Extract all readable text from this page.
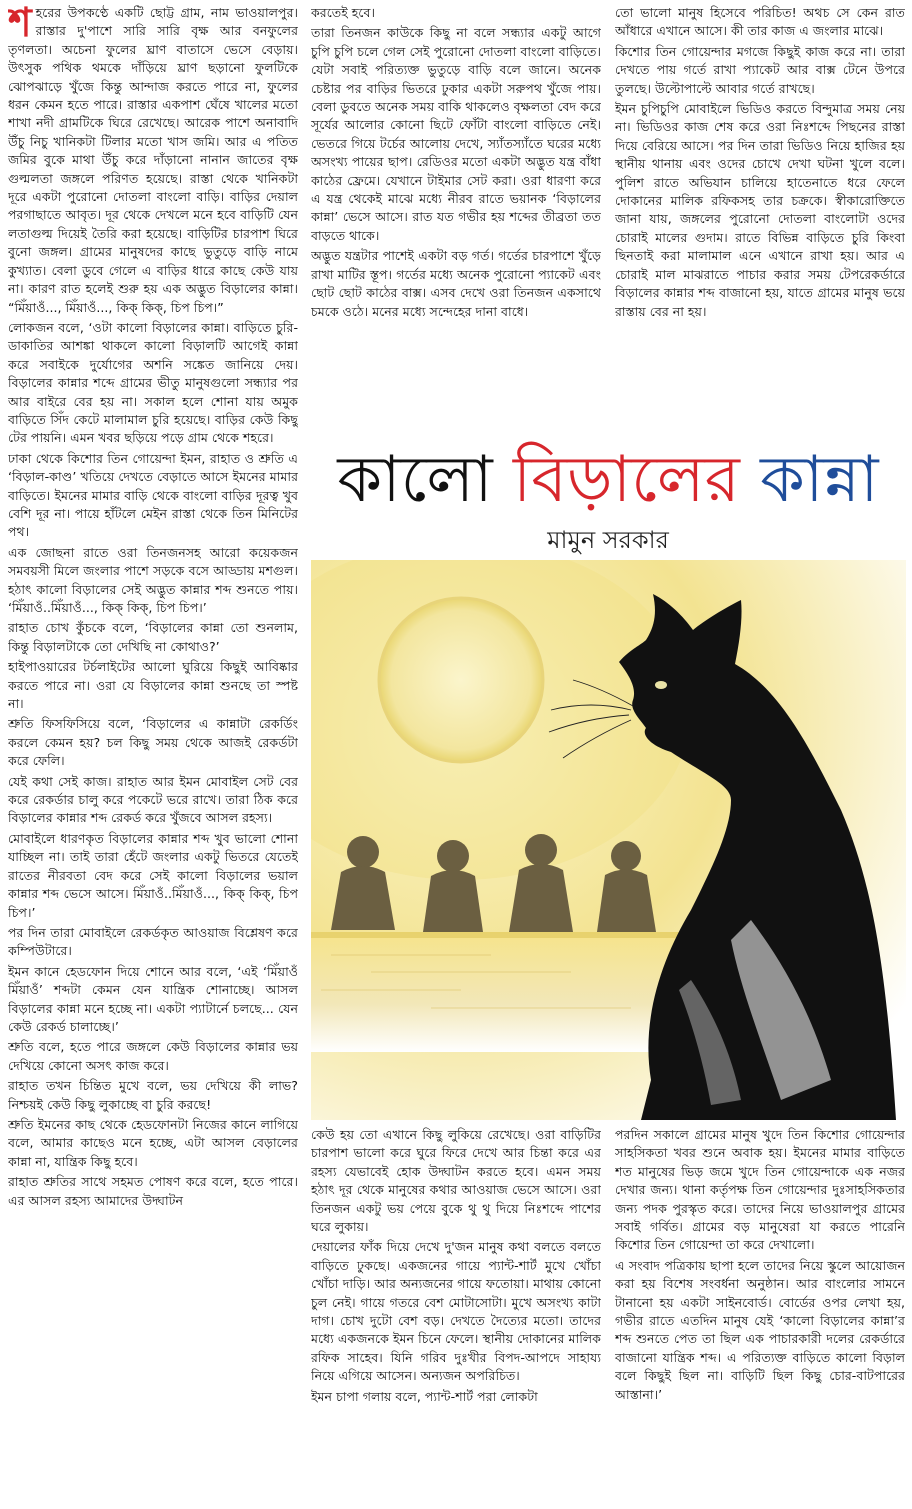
শ হরের উপকণ্ঠে একটি ছোট্ট গ্রাম, নাম ভাওয়ালপুর। রাস্তার দু'পাশে সারি সারি বৃক্ষ আর বনফুলের তৃণলতা। অচেনা ফুলের ঘ্রাণ বাতাসে ভেসে বেড়ায়। উৎসুক পথিক থমকে দাঁড়িয়ে ঘ্রাণ ছড়ানো ফুলটিকে ঝোপঝাড়ে খুঁজে কিন্তু আন্দাজ করতে পারে না, ফুলের ধরন কেমন হতে পারে। রাস্তার একপাশ ঘেঁষে খালের মতো শাখা নদী গ্রামটিকে ঘিরে রেখেছে। আরেক পাশে অনাবাদি উঁচু নিচু খানিকটা টিলার মতো খাস জমি। আর এ পতিত জমির বুকে মাথা উঁচু করে দাঁড়ানো নানান জাতের বৃক্ষ গুল্মলতা জঙ্গলে পরিণত হয়েছে। রাস্তা থেকে খানিকটা দূরে একটা পুরোনো দোতলা বাংলো বাড়ি। বাড়ির দেয়াল পরগাছাতে আবৃত। দূর থেকে দেখলে মনে হবে বাড়িটি যেন লতাগুল্ম দিয়েই তৈরি করা হয়েছে। বাড়িটির চারপাশ ঘিরে বুনো জঙ্গল। গ্রামের মানুষদের কাছে ভুতুড়ে বাড়ি নামে কুখ্যাত। বেলা ডুবে গেলে এ বাড়ির ধারে কাছে কেউ যায় না। কারণ রাত হলেই শুরু হয় এক অদ্ভুত বিড়ালের কান্না। “মিঁয়াওঁ..., মিঁয়াওঁ..., কিক্ কিক্, চিপ চিপ।”

লোকজন বলে, ‘ওটা কালো বিড়ালের কান্না। বাড়িতে চুরি-ডাকাতির আশঙ্কা থাকলে কালো বিড়ালটি আগেই কান্না করে সবাইকে দুর্যোগের অশনি সঙ্কেত জানিয়ে দেয়। বিড়ালের কান্নার শব্দে গ্রামের ভীতু মানুষগুলো সন্ধ্যার পর আর বাইরে বের হয় না। সকাল হলে শোনা যায় অমুক বাড়িতে সিঁদ কেটে মালামাল চুরি হয়েছে। বাড়ির কেউ কিছু টের পায়নি। এমন খবর ছড়িয়ে পড়ে গ্রাম থেকে শহরে।

ঢাকা থেকে কিশোর তিন গোয়েন্দা ইমন, রাহাত ও শ্রুতি এ ‘বিড়াল-কাণ্ড’ খতিয়ে দেখতে বেড়াতে আসে ইমনের মামার বাড়িতে। ইমনের মামার বাড়ি থেকে বাংলো বাড়ির দূরত্ব খুব বেশি দূর না। পায়ে হাঁটলে মেইন রাস্তা থেকে তিন মিনিটের পথ।

এক জোছনা রাতে ওরা তিনজনসহ আরো কয়েকজন সমবয়সী মিলে জংলার পাশে সড়কে বসে আড্ডায় মশগুল। হঠাৎ কালো বিড়ালের সেই অদ্ভুত কান্নার শব্দ শুনতে পায়। ‘মিঁয়াওঁ..মিঁয়াওঁ..., কিক্ কিক্, চিপ চিপ।’

রাহাত চোখ কুঁচকে বলে, ‘বিড়ালের কান্না তো শুনলাম, কিন্তু বিড়ালটাকে তো দেখিছি না কোথাও?’

হাইপাওয়ারের টর্চলাইটের আলো ঘুরিয়ে কিছুই আবিষ্কার করতে পারে না। ওরা যে বিড়ালের কান্না শুনছে তা স্পষ্ট না।

শ্রুতি ফিসফিসিয়ে বলে, ‘বিড়ালের এ কান্নাটা রেকর্ডিং করলে কেমন হয়? চল কিছু সময় থেকে আজই রেকর্ডটা করে ফেলি।

যেই কথা সেই কাজ। রাহাত আর ইমন মোবাইল সেট বের করে রেকর্ডার চালু করে পকেটে ভরে রাখে। তারা ঠিক করে বিড়ালের কান্নার শব্দ রেকর্ড করে খুঁজবে আসল রহস্য।

মোবাইলে ধারণকৃত বিড়ালের কান্নার শব্দ খুব ভালো শোনা যাচ্ছিল না। তাই তারা হেঁটে জংলার একটু ভিতরে যেতেই রাতের নীরবতা বেদ করে সেই কালো বিড়ালের ভয়াল কান্নার শব্দ ভেসে আসে। মিঁয়াওঁ..মিঁয়াওঁ..., কিক্ কিক্, চিপ চিপ।’

পর দিন তারা মোবাইলে রেকর্ডকৃত আওয়াজ বিশ্লেষণ করে কম্পিউটারে।

ইমন কানে হেডফোন দিয়ে শোনে আর বলে, ‘এই ‘মিঁয়াওঁ মিঁয়াওঁ’ শব্দটা কেমন যেন যান্ত্রিক শোনাচ্ছে। আসল বিড়ালের কান্না মনে হচ্ছে না। একটা প্যাটার্নে চলছে... যেন কেউ রেকর্ড চালাচ্ছে।’

শ্রুতি বলে, হতে পারে জঙ্গলে কেউ বিড়ালের কান্নার ভয় দেখিয়ে কোনো অসৎ কাজ করে।

রাহাত তখন চিন্তিত মুখে বলে, ভয় দেখিয়ে কী লাভ? নিশ্চয়ই কেউ কিছু লুকাচ্ছে বা চুরি করছে!

শ্রুতি ইমনের কাছ থেকে হেডফোনটা নিজের কানে লাগিয়ে বলে, আমার কাছেও মনে হচ্ছে, এটা আসল বেড়ালের কান্না না, যান্ত্রিক কিছু হবে।

রাহাত শ্রুতির সাথে সহমত পোষণ করে বলে, হতে পারে। এর আসল রহস্য আমাদের উদ্ঘাটন

করতেই হবে।

তারা তিনজন কাউকে কিছু না বলে সন্ধ্যার একটু আগে চুপি চুপি চলে গেল সেই পুরোনো দোতলা বাংলো বাড়িতে। যেটা সবাই পরিত্যক্ত ভুতুড়ে বাড়ি বলে জানে। অনেক চেষ্টার পর বাড়ির ভিতরে ঢুকার একটা সরুপথ খুঁজে পায়। বেলা ডুবতে অনেক সময় বাকি থাকলেও বৃক্ষলতা বেদ করে সূর্যের আলোর কোনো ছিটে ফোঁটা বাংলো বাড়িতে নেই। ভেতরে গিয়ে টর্চের আলোয় দেখে, স্যাঁতস্যাঁতে ঘরের মধ্যে অসংখ্য পায়ের ছাপ। রেডিওর মতো একটা অদ্ভুত যন্ত্র বাঁধা কাঠের ফ্রেমে। যেখানে টাইমার সেট করা। ওরা ধারণা করে এ যন্ত্র থেকেই মাঝে মধ্যে নীরব রাতে ভয়ানক ‘বিড়ালের কান্না’ ভেসে আসে। রাত যত গভীর হয় শব্দের তীব্রতা তত বাড়তে থাকে।

অদ্ভুত যন্ত্রটার পাশেই একটা বড় গর্ত। গর্তের চারপাশে খুঁড়ে রাখা মাটির স্তূপ। গর্তের মধ্যে অনেক পুরোনো প্যাকেট এবং ছোট ছোট কাঠের বাক্স। এসব দেখে ওরা তিনজন একসাথে চমকে ওঠে। মনের মধ্যে সন্দেহের দানা বাধে।

তো ভালো মানুষ হিসেবে পরিচিত! অথচ সে কেন রাত আঁধারে এখানে আসে। কী তার কাজ এ জংলার মাঝে।

কিশোর তিন গোয়েন্দার মগজে কিছুই কাজ করে না। তারা দেখতে পায় গর্তে রাখা প্যাকেট আর বাক্স টেনে উপরে তুলছে। উল্টোপাল্টে আবার গর্তে রাখছে।

ইমন চুপিচুপি মোবাইলে ভিডিও করতে বিন্দুমাত্র সময় নেয় না। ভিডিওর কাজ শেষ করে ওরা নিঃশব্দে পিছনের রাস্তা দিয়ে বেরিয়ে আসে। পর দিন তারা ভিডিও নিয়ে হাজির হয় স্থানীয় থানায় এবং ওদের চোখে দেখা ঘটনা খুলে বলে। পুলিশ রাতে অভিযান চালিয়ে হাতেনাতে ধরে ফেলে দোকানের মালিক রফিকসহ তার চক্রকে। স্বীকারোক্তিতে জানা যায়, জঙ্গলের পুরোনো দোতলা বাংলোটা ওদের চোরাই মালের গুদাম। রাতে বিভিন্ন বাড়িতে চুরি কিংবা ছিনতাই করা মালামাল এনে এখানে রাখা হয়। আর এ চোরাই মাল মাঝরাতে পাচার করার সময় টেপরেকর্ডারে বিড়ালের কান্নার শব্দ বাজানো হয়, যাতে গ্রামের মানুষ ভয়ে রাস্তায় বের না হয়।

কালো বিড়ালের কান্না
মামুন সরকার

কেউ হয় তো এখানে কিছু লুকিয়ে রেখেছে। ওরা বাড়িটির চারপাশ ভালো করে ঘুরে ফিরে দেখে আর চিন্তা করে এর রহস্য যেভাবেই হোক উদ্ঘাটন করতে হবে। এমন সময় হঠাৎ দূর থেকে মানুষের কথার আওয়াজ ভেসে আসে। ওরা তিনজন একটু ভয় পেয়ে বুকে থু থু দিয়ে নিঃশব্দে পাশের ঘরে লুকায়।

দেয়ালের ফাঁক দিয়ে দেখে দু'জন মানুষ কথা বলতে বলতে বাড়িতে ঢুকছে। একজনের গায়ে প্যান্ট-শার্ট মুখে খোঁচা খোঁচা দাড়ি। আর অন্যজনের গায়ে ফতোয়া। মাথায় কোনো চুল নেই। গায়ে গতরে বেশ মোটাসোটা। মুখে অসংখ্য কাটা দাগ। চোখ দুটো বেশ বড়। দেখতে দৈত্যের মতো। তাদের মধ্যে একজনকে ইমন চিনে ফেলে। স্থানীয় দোকানের মালিক রফিক সাহেব। যিনি গরিব দুঃখীর বিপদ-আপদে সাহায্য নিয়ে এগিয়ে আসেন। অন্যজন অপরিচিত।

ইমন চাপা গলায় বলে, প্যান্ট-শার্ট পরা লোকটা

পরদিন সকালে গ্রামের মানুষ খুদে তিন কিশোর গোয়েন্দার সাহসিকতা খবর শুনে অবাক হয়। ইমনের মামার বাড়িতে শত মানুষের ভিড় জমে খুদে তিন গোয়েন্দাকে এক নজর দেখার জন্য। থানা কর্তৃপক্ষ তিন গোয়েন্দার দুঃসাহসিকতার জন্য পদক পুরস্কৃত করে। তাদের নিয়ে ভাওয়ালপুর গ্রামের সবাই গর্বিত। গ্রামের বড় মানুষেরা যা করতে পারেনি কিশোর তিন গোয়েন্দা তা করে দেখালো।

এ সংবাদ পত্রিকায় ছাপা হলে তাদের নিয়ে স্কুলে আয়োজন করা হয় বিশেষ সংবর্ধনা অনুষ্ঠান। আর বাংলোর সামনে টানানো হয় একটা সাইনবোর্ড। বোর্ডের ওপর লেখা হয়, গভীর রাতে এতদিন মানুষ যেই ‘কালো বিড়ালের কান্না’র শব্দ শুনতে পেত তা ছিল এক পাচারকারী দলের রেকর্ডারে বাজানো যান্ত্রিক শব্দ। এ পরিত্যক্ত বাড়িতে কালো বিড়াল বলে কিছুই ছিল না। বাড়িটি ছিল কিছু চোর-বাটপারের আস্তানা।’
